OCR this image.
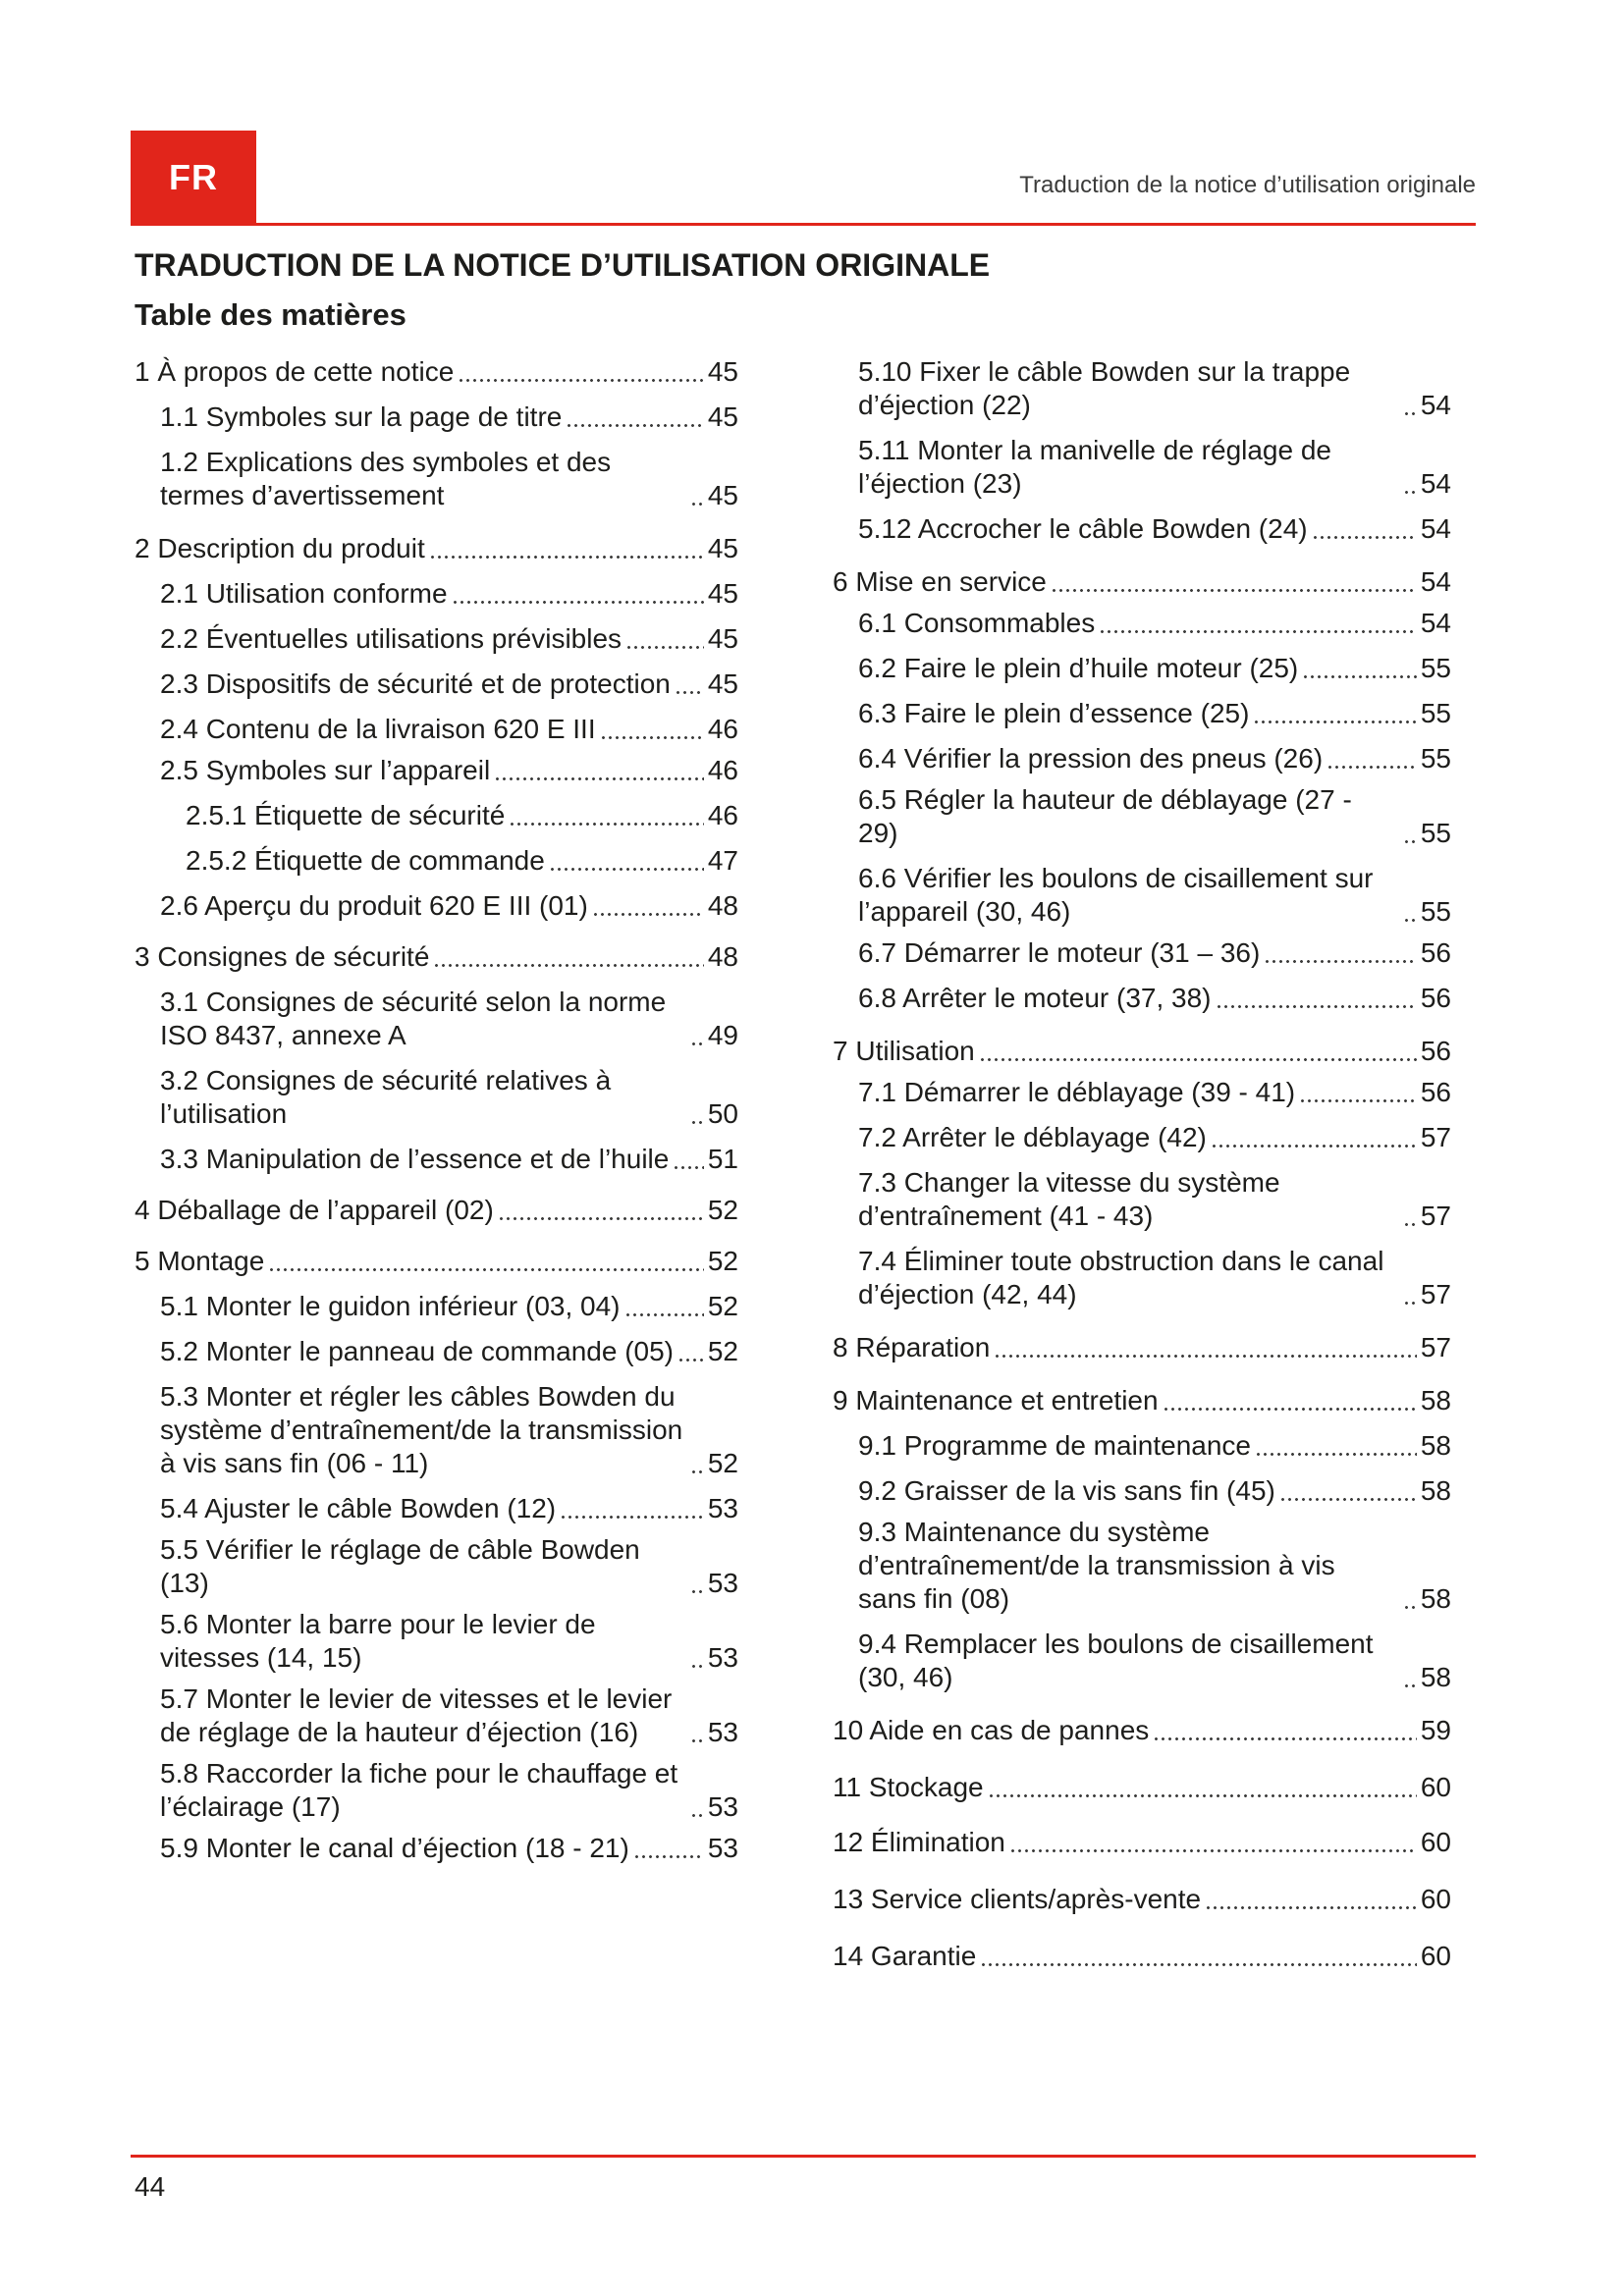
FR	Traduction de la notice d’utilisation originale
TRADUCTION DE LA NOTICE D’UTILISATION ORIGINALE
Table des matières
1 À propos de cette notice	45
1.1 Symboles sur la page de titre	45
1.2 Explications des symboles et des termes d’avertissement	45
2 Description du produit	45
2.1 Utilisation conforme	45
2.2 Éventuelles utilisations prévisibles	45
2.3 Dispositifs de sécurité et de protection 45
2.4 Contenu de la livraison 620 E III	46
2.5 Symboles sur l’appareil	46
2.5.1 Étiquette de sécurité	46
2.5.2 Étiquette de commande	47
2.6 Aperçu du produit 620 E III (01)	48
3 Consignes de sécurité	48
3.1 Consignes de sécurité selon la norme ISO 8437, annexe A	49
3.2 Consignes de sécurité relatives à l’utilisation	50
3.3 Manipulation de l’essence et de l’huile 51
4 Déballage de l’appareil (02)	52
5 Montage	52
5.1 Monter le guidon inférieur (03, 04)	52
5.2 Monter le panneau de commande (05) 52
5.3 Monter et régler les câbles Bowden du système d’entraînement/de la transmission à vis sans fin (06 - 11)	52
5.4 Ajuster le câble Bowden (12)	53
5.5 Vérifier le réglage de câble Bowden (13)	53
5.6 Monter la barre pour le levier de vitesses (14, 15)	53
5.7 Monter le levier de vitesses et le levier de réglage de la hauteur d’éjection (16)	53
5.8 Raccorder la fiche pour le chauffage et l’éclairage (17)	53
5.9 Monter le canal d’éjection (18 - 21)	53
5.10 Fixer le câble Bowden sur la trappe d’éjection (22)	54
5.11 Monter la manivelle de réglage de l’éjection (23)	54
5.12 Accrocher le câble Bowden (24)	54
6 Mise en service	54
6.1 Consommables	54
6.2 Faire le plein d’huile moteur (25)	55
6.3 Faire le plein d’essence (25)	55
6.4 Vérifier la pression des pneus (26)	55
6.5 Régler la hauteur de déblayage (27 - 29)	55
6.6 Vérifier les boulons de cisaillement sur l’appareil (30, 46)	55
6.7 Démarrer le moteur (31 – 36)	56
6.8 Arrêter le moteur (37, 38)	56
7 Utilisation	56
7.1 Démarrer le déblayage (39 - 41)	56
7.2 Arrêter le déblayage (42)	57
7.3 Changer la vitesse du système d’entraînement (41 - 43)	57
7.4 Éliminer toute obstruction dans le canal d’éjection (42, 44)	57
8 Réparation	57
9 Maintenance et entretien	58
9.1 Programme de maintenance	58
9.2 Graisser de la vis sans fin (45)	58
9.3 Maintenance du système d’entraînement/de la transmission à vis sans fin (08)	58
9.4 Remplacer les boulons de cisaillement (30, 46)	58
10 Aide en cas de pannes	59
11 Stockage	60
12 Élimination	60
13 Service clients/après-vente	60
14 Garantie	60
44
